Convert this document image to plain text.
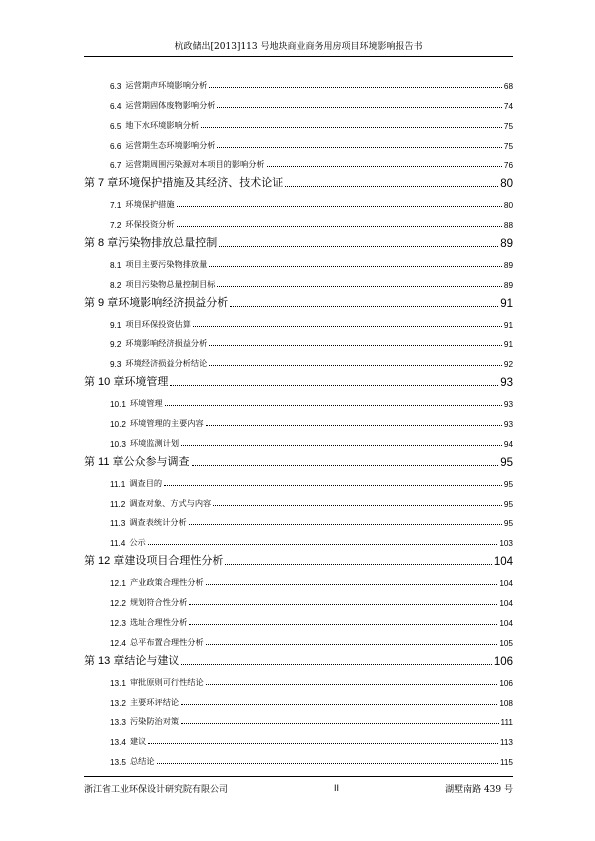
杭政储出[2013]113 号地块商业商务用房项目环境影响报告书
6.3 运营期声环境影响分析	68
6.4 运营期固体废物影响分析	74
6.5 地下水环境影响分析	75
6.6 运营期生态环境影响分析	75
6.7 运营期周围污染源对本项目的影响分析	76
第 7 章 环境保护措施及其经济、技术论证	80
7.1 环境保护措施	80
7.2 环保投资分析	88
第 8 章 污染物排放总量控制	89
8.1 项目主要污染物排放量	89
8.2 项目污染物总量控制目标	89
第 9 章 环境影响经济损益分析	91
9.1 项目环保投资估算	91
9.2 环境影响经济损益分析	91
9.3 环境经济损益分析结论	92
第 10 章 环境管理	93
10.1 环境管理	93
10.2 环境管理的主要内容	93
10.3 环境监测计划	94
第 11 章 公众参与调查	95
11.1 调查目的	95
11.2 调查对象、方式与内容	95
11.3 调查表统计分析	95
11.4 公示	103
第 12 章 建设项目合理性分析	104
12.1 产业政策合理性分析	104
12.2 规划符合性分析	104
12.3 选址合理性分析	104
12.4 总平布置合理性分析	105
第 13 章 结论与建议	106
13.1 审批原则可行性结论	106
13.2 主要环评结论	108
13.3 污染防治对策	111
13.4 建议	113
13.5 总结论	115
浙江省工业环保设计研究院有限公司	II	湖墅南路 439 号
